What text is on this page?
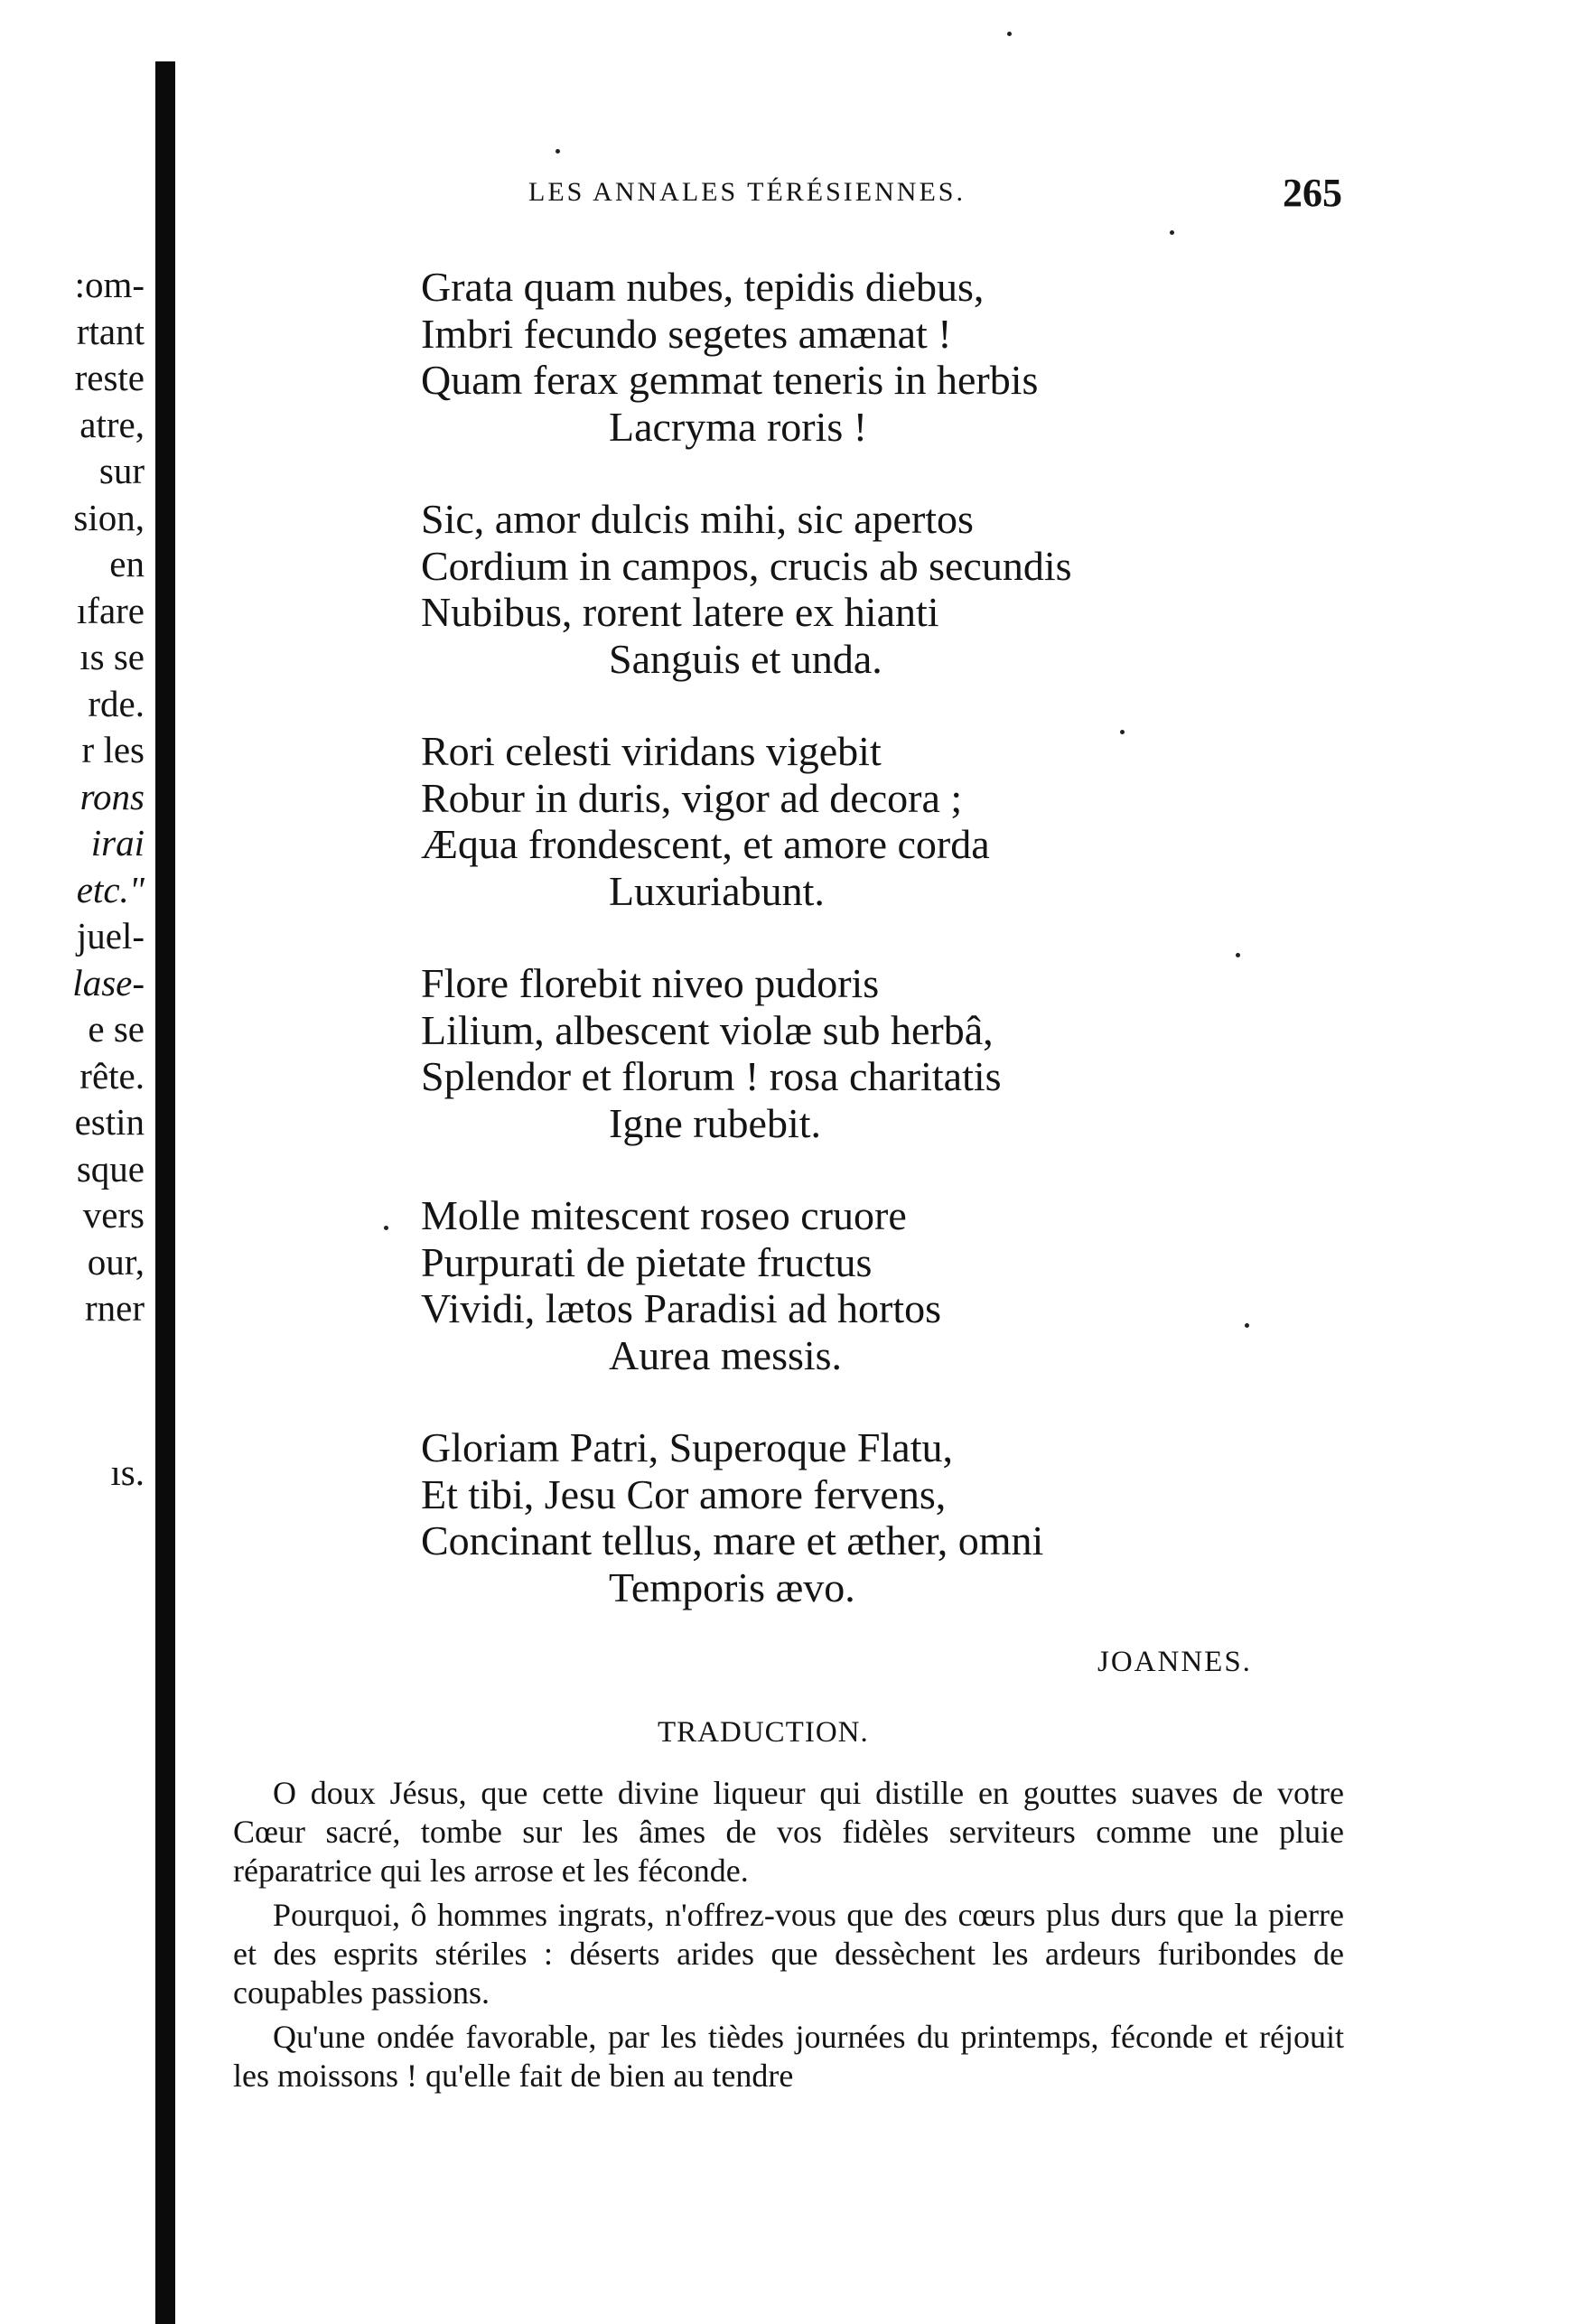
:om-
rtant
reste
atre,
sur
sion,
en
ıfare
ıs se
rde.
r les
rons
irai
etc."
juel-
lase-
e se
rête.
estin
sque
vers
our,
rner
ıs.
LES ANNALES TÉRÉSIENNES.	265
Grata quam nubes, tepidis diebus,
Imbri fecundo segetes amænat !
Quam ferax gemmat teneris in herbis
Lacryma roris !
Sic, amor dulcis mihi, sic apertos
Cordium in campos, crucis ab secundis
Nubibus, rorent latere ex hianti
Sanguis et unda.
Rori celesti viridans vigebit
Robur in duris, vigor ad decora ;
Æqua frondescent, et amore corda
Luxuriabunt.
Flore florebit niveo pudoris
Lilium, albescent violæ sub herbâ,
Splendor et florum ! rosa charitatis
Igne rubebit.
Molle mitescent roseo cruore
Purpurati de pietate fructus
Vividi, lætos Paradisi ad hortos
Aurea messis.
Gloriam Patri, Superoque Flatu,
Et tibi, Jesu Cor amore fervens,
Concinant tellus, mare et æther, omni
Temporis ævo.
JOANNES.
TRADUCTION.

O doux Jésus, que cette divine liqueur qui distille en gouttes suaves de votre Cœur sacré, tombe sur les âmes de vos fidèles serviteurs comme une pluie réparatrice qui les arrose et les féconde.

Pourquoi, ô hommes ingrats, n'offrez-vous que des cœurs plus durs que la pierre et des esprits stériles : déserts arides que dessèchent les ardeurs furibondes de coupables passions.

Qu'une ondée favorable, par les tièdes journées du printemps, féconde et réjouit les moissons ! qu'elle fait de bien au tendre
